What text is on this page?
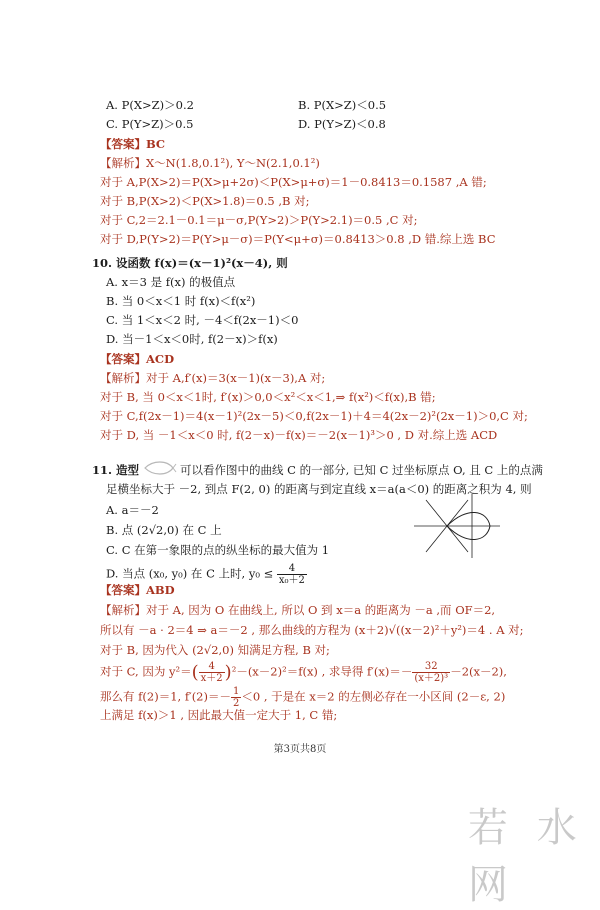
A. P(X>Z)＞0.2	B. P(X>Z)＜0.5
C. P(Y>Z)＞0.5	D. P(Y>Z)＜0.8
【答案】BC
【解析】X～N(1.8,0.1²), Y～N(2.1,0.1²)
对于 A,P(X>2)＝P(X>μ+2σ)＜P(X>μ+σ)＝1－0.8413＝0.1587 ,A 错;
对于 B,P(X>2)＜P(X>1.8)＝0.5 ,B 对;
对于 C,2＝2.1－0.1＝μ－σ,P(Y>2)＞P(Y>2.1)＝0.5 ,C 对;
对于 D,P(Y>2)＝P(Y>μ－σ)＝P(Y<μ+σ)＝0.8413＞0.8 ,D 错.综上选 BC
10. 设函数 f(x)＝(x－1)²(x－4), 则
A. x＝3 是 f(x) 的极值点
B. 当 0＜x＜1 时 f(x)＜f(x²)
C. 当 1＜x＜2 时, －4＜f(2x－1)＜0
D. 当－1＜x＜0时, f(2－x)＞f(x)
【答案】ACD
【解析】对于 A,f′(x)＝3(x－1)(x－3),A 对;
对于 B, 当 0＜x＜1时, f′(x)＞0,0＜x²＜x＜1,⇒ f(x²)＜f(x),B 错;
对于 C,f(2x－1)＝4(x－1)²(2x－5)＜0,f(2x－1)＋4＝4(2x－2)²(2x－1)＞0,C 对;
对于 D, 当 －1＜x＜0 时, f(2－x)－f(x)＝－2(x－1)³＞0 , D 对.综上选 ACD
11. 造型	可以看作图中的曲线 C 的一部分, 已知 C 过坐标原点 O, 且 C 上的点满
足横坐标大于 －2, 到点 F(2, 0) 的距离与到定直线 x＝a(a＜0) 的距离之积为 4, 则
A. a＝－2
B. 点 (2√2,0) 在 C 上
C. C 在第一象限的点的纵坐标的最大值为 1
D. 当点 (x₀, y₀) 在 C 上时, $y_0 \le \frac{4}{\text{x₀＋2}}$
【答案】ABD
【解析】对于 A, 因为 O 在曲线上, 所以 O 到 x＝a 的距离为 －a ,而 OF＝2,
所以有 －a · 2＝4 ⇒ a＝－2 , 那么曲线的方程为 (x＋2)√((x－2)²＋y²)＝4 . A 对;
对于 B, 因为代入 (2√2,0) 知满足方程, B 对;
对于 C, 因为 $y^2=( \frac{4}{x+2} )^2-(x-2)^2=f(x)$ , 求导得 $f'(x)=- \frac{32}{\text{(x＋2)³}} -2(x-2)$,
那么有 f(2)＝1, $f'(2)=- \frac{1}{2} <0$ , 于是在 x＝2 的左侧必存在一小区间 (2－ε, 2)
上满足 f(x)＞1 , 因此最大值一定大于 1, C 错;
第3页共8页
若 水 网
